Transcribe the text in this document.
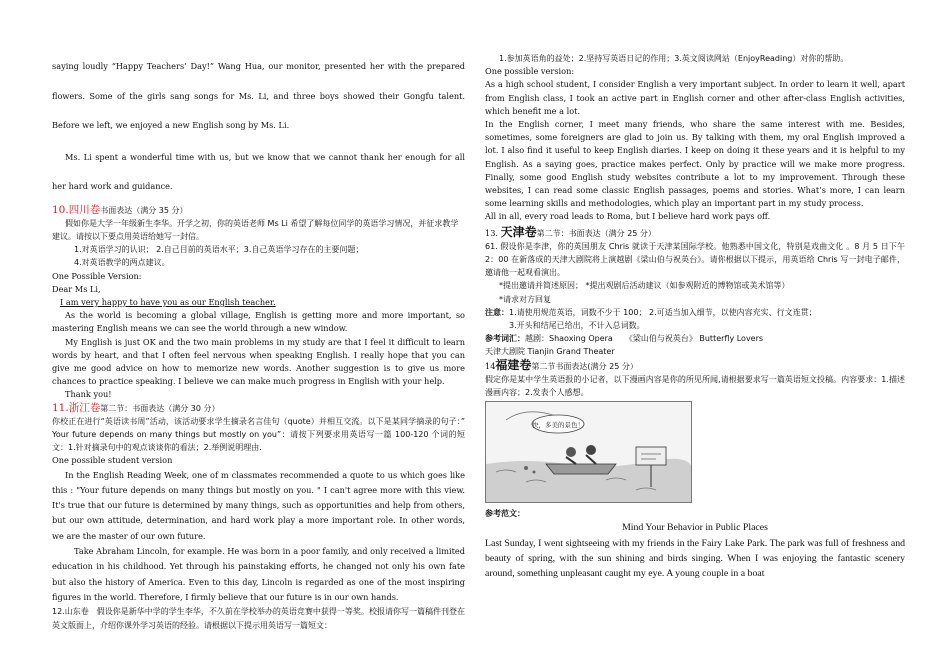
saying loudly “Happy Teachers’ Day!” Wang Hua, our monitor, presented her with the prepared flowers. Some of the girls sang songs for Ms. Li, and three boys showed their Gongfu talent. Before we left, we enjoyed a new English song by Ms. Li.

Ms. Li spent a wonderful time with us, but we know that we cannot thank her enough for all her hard work and guidance.

10.四川卷书面表达（满分 35 分）

假如你是大学一年级新生李华。开学之初，你的英语老师 Ms Li 希望了解每位同学的英语学习情况，并征求教学建议。请按以下要点用英语给她写一封信。

1.对英语学习的认识； 2.自己目前的英语水平；3.自己英语学习存在的主要问题；

4.对英语教学的两点建议。

One Possible Version:

Dear Ms Li,

I am very happy to have you as our English teacher.

As the world is becoming a global village, English is getting more and more important, so mastering English means we can see the world through a new window.

My English is just OK and the two main problems in my study are that I feel it difficult to learn words by heart, and that I often feel nervous when speaking English. I really hope that you can give me good advice on how to memorize new words. Another suggestion is to give us more chances to practice speaking. I believe we can make much progress in English with your help.

Thank you!

11.浙江卷第二节：书面表达（满分 30 分）

你校正在进行“英语读书周”活动，该活动要求学生摘录名言佳句（quote）并相互交流。以下是某同学摘录的句子：” Your future depends on many things but mostly on you”：请按下列要求用英语写一篇 100-120 个词的短文：1.针对摘录句中的观点谈谈你的看法；2.举例说明理由.

One possible student version

In the English Reading Week, one of m classmates recommended a quote to us which goes like this : "Your future depends on many things but mostly on you. " I can't agree more with this view. It's true that our future is determined by many things, such as opportunities and help from others, but our own attitude, determination, and hard work play a more important role. In other words, we are the master of our own future.

Take Abraham Lincoln, for example. He was born in a poor family, and only received a limited education in his childhood. Yet through his painstaking efforts, he changed not only his own fate but also the history of America. Even to this day, Lincoln is regarded as one of the most inspiring figures in the world. Therefore, I firmly believe that our future is in our own hands.

12.山东卷　假设你是新华中学的学生李华，不久前在学校举办的英语竞赛中获得一等奖。校报请你写一篇稿件刊登在英文版面上，介绍你课外学习英语的经验。请根据以下提示用英语写一篇短文：

1.参加英语角的益处；2.坚持写英语日记的作用；3.英文阅读网站（EnjoyReading）对你的帮助。

One possible version:

As a high school student, I consider English a very important subject. In order to learn it well, apart from English class, I took an active part in English corner and other after-class English activities, which benefit me a lot.

In the English corner, I meet many friends, who share the same interest with me. Besides, sometimes, some foreigners are glad to join us. By talking with them, my oral English improved a lot. I also find it useful to keep English diaries. I keep on doing it these years and it is helpful to my English. As a saying goes, practice makes perfect. Only by practice will we make more progress. Finally, some good English study websites contribute a lot to my improvement. Through these websites, I can read some classic English passages, poems and stories. What’s more, I can learn some learning skills and methodologies, which play an important part in my study process.

All in all, every road leads to Roma, but I believe hard work pays off.

13. 天津卷第二节：书面表达（满分 25 分）

61. 假设你是李津，你的英国朋友 Chris 就读于天津某国际学校。他熟悉中国文化，特别是戏曲文化 。8 月 5 日下午 2：00 在新落成的天津大剧院将上演越剧《梁山伯与祝英台》。请你根据以下提示，用英语给 Chris 写一封电子邮件，邀请他一起观看演出。

*提出邀请并简述原因； *提出观剧后活动建议（如参观附近的博物馆或美术馆等）

*请求对方回复

注意：1.请使用规范英语，词数不少于 100； 2.可适当加入细节，以使内容充实、行文连贯；

3.开头和结尾已给出，不计入总词数。

参考词汇：越剧：Shaoxing Opera　　《梁山伯与祝英台》 Butterfly Lovers

天津大剧院 Tianjin Grand Theater

14福建卷第二节书面表达(满分 25 分）

假定你是某中学生英语报的小记者，以下漫画内容是你的所见所闻,请根据要求写一篇英语短文投稿。内容要求：1.描述漫画内容；2.发表个人感想。

快，多美的景色！

参考范文：

Mind Your Behavior in Public Places

Last Sunday, I went sightseeing with my friends in the Fairy Lake Park. The park was full of freshness and beauty of spring, with the sun shining and birds singing. When I was enjoying the fantastic scenery around, something unpleasant caught my eye. A young couple in a boat
